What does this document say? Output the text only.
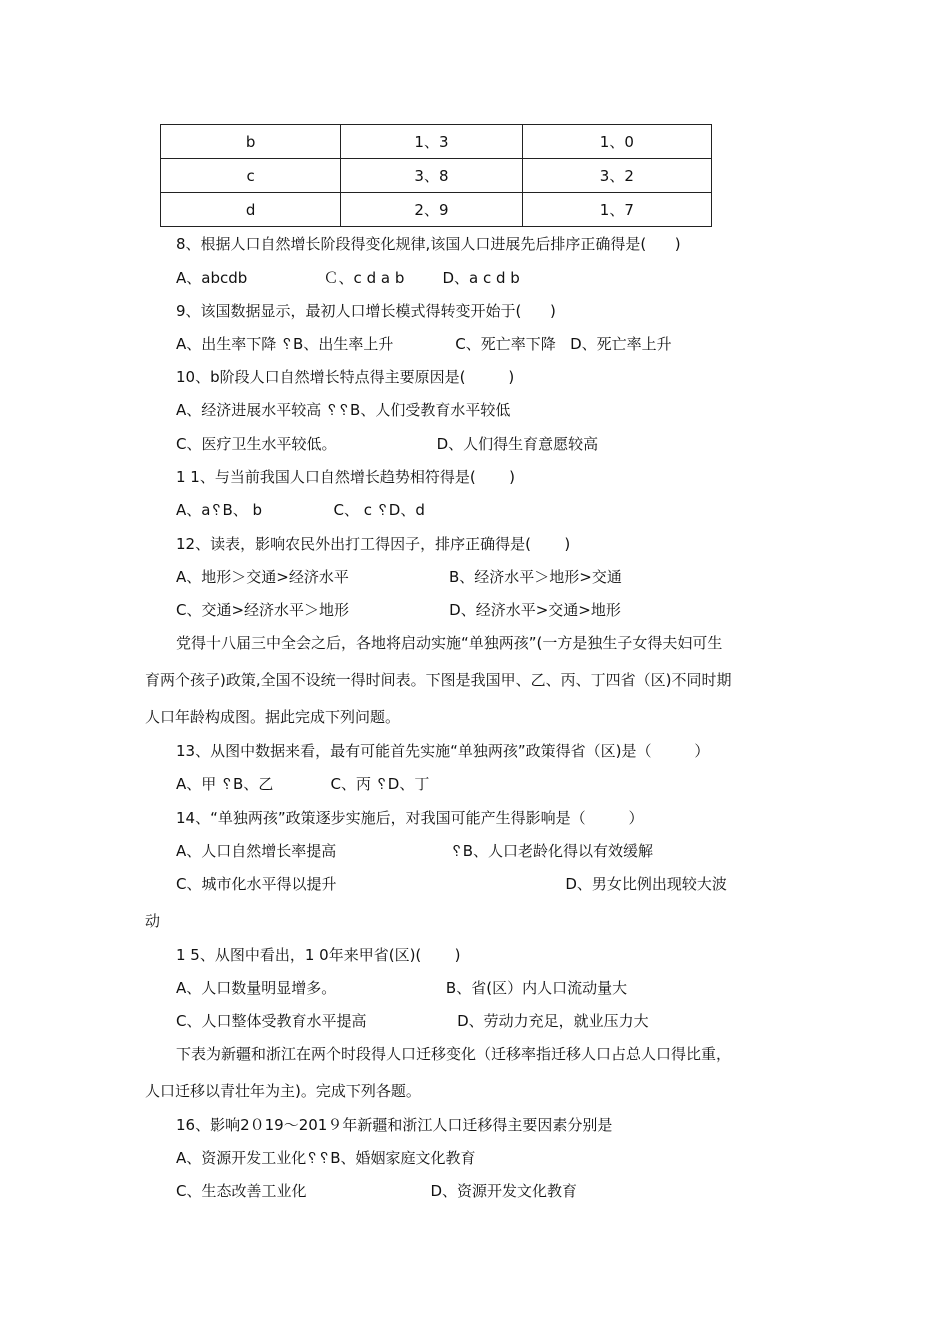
b	1、3	1、0
c	3、8	3、2
d	2、9	1、7
8、根据人口自然增长阶段得变化规律,该国人口进展先后排序正确得是(      )
A、abcdb                Ｃ、c d a b        D、a c d b
9、该国数据显示，最初人口增长模式得转变开始于(      )
A、出生率下降 ␦B、出生率上升             C、死亡率下降   D、死亡率上升
10、b阶段人口自然增长特点得主要原因是(         )
A、经济进展水平较高 ␦␦B、人们受教育水平较低
C、医疗卫生水平较低。                     D、人们得生育意愿较高
1 1、与当前我国人口自然增长趋势相符得是(       )
A、a␦B、 b               C、 c ␦D、d
12、读表，影响农民外出打工得因子，排序正确得是(       )
A、地形＞交通>经济水平                     B、经济水平＞地形>交通
C、交通>经济水平＞地形                     D、经济水平>交通>地形
党得十八届三中全会之后，各地将启动实施“单独两孩”(一方是独生子女得夫妇可生
育两个孩子)政策,全国不设统一得时间表。下图是我国甲、乙、丙、丁四省（区)不同时期
人口年龄构成图。据此完成下列问题。
13、从图中数据来看，最有可能首先实施“单独两孩”政策得省（区)是（         ）
A、甲 ␦B、乙            C、丙 ␦D、丁
14、“单独两孩”政策逐步实施后，对我国可能产生得影响是（         ）
A、人口自然增长率提高                        ␦B、人口老龄化得以有效缓解
C、城市化水平得以提升                                                D、男女比例出现较大波
动
1 5、从图中看出，1 0年来甲省(区)(       )
A、人口数量明显增多。                       B、省(区）内人口流动量大
C、人口整体受教育水平提高                   D、劳动力充足，就业压力大
下表为新疆和浙江在两个时段得人口迁移变化（迁移率指迁移人口占总人口得比重，
人口迁移以青壮年为主)。完成下列各题。
16、影响2０19～201９年新疆和浙江人口迁移得主要因素分别是
A、资源开发工业化␦␦B、婚姻家庭文化教育
C、生态改善工业化                          D、资源开发文化教育
